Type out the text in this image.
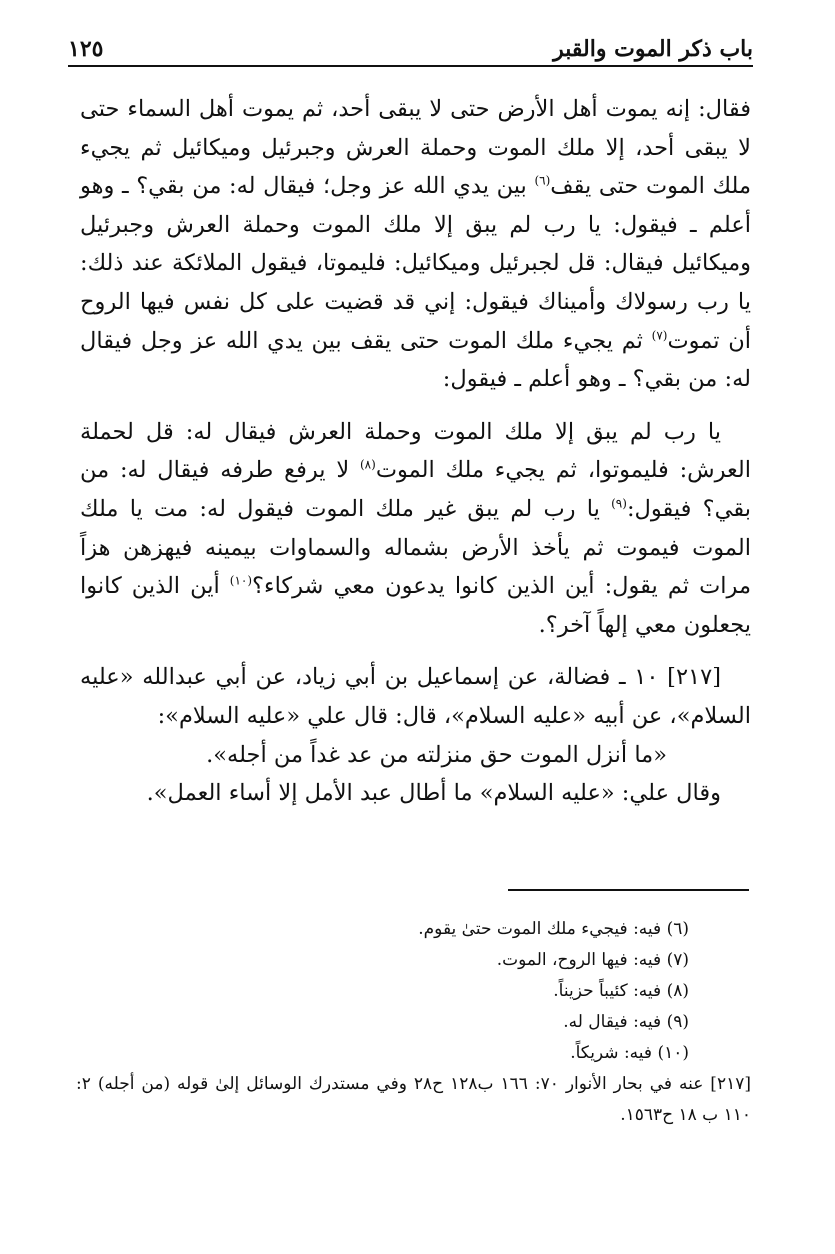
باب ذكر الموت والقبر
١٢٥

فقال: إنه يموت أهل الأرض حتى لا يبقى أحد، ثم يموت أهل السماء حتى لا يبقى أحد، إلا ملك الموت وحملة العرش وجبرئيل وميكائيل ثم يجيء ملك الموت حتى يقف$^{(٦)}$ بين يدي الله عز وجل؛ فيقال له: من بقي؟ ـ وهو أعلم ـ فيقول: يا رب لم يبق إلا ملك الموت وحملة العرش وجبرئيل وميكائيل فيقال: قل لجبرئيل وميكائيل: فليموتا، فيقول الملائكة عند ذلك: يا رب رسولاك وأميناك فيقول: إني قد قضيت على كل نفس فيها الروح أن تموت$^{(٧)}$ ثم يجيء ملك الموت حتى يقف بين يدي الله عز وجل فيقال له: من بقي؟ ـ وهو أعلم ـ فيقول:

يا رب لم يبق إلا ملك الموت وحملة العرش فيقال له: قل لحملة العرش: فليموتوا، ثم يجيء ملك الموت$^{(٨)}$ لا يرفع طرفه فيقال له: من بقي؟ فيقول:$^{(٩)}$ يا رب لم يبق غير ملك الموت فيقول له: مت يا ملك الموت فيموت ثم يأخذ الأرض بشماله والسماوات بيمينه فيهزهن هزاً مرات ثم يقول: أين الذين كانوا يدعون معي شركاء؟$^{(١٠)}$ أين الذين كانوا يجعلون معي إلهاً آخر؟.

[٢١٧] ١٠ ـ فضالة، عن إسماعيل بن أبي زياد، عن أبي عبدالله «عليه السلام»، عن أبيه «عليه السلام»، قال: قال علي «عليه السلام»:

«ما أنزل الموت حق منزلته من عد غداً من أجله».

وقال علي: «عليه السلام» ما أطال عبد الأمل إلا أساء العمل».

(٦) فيه: فيجيء ملك الموت حتىٰ يقوم.

(٧) فيه: فيها الروح، الموت.

(٨) فيه: كئيباً حزيناً.

(٩) فيه: فيقال له.

(١٠) فيه: شريكاً.

[٢١٧] عنه في بحار الأنوار ٧٠: ١٦٦ ب١٢٨ ح٢٨ وفي مستدرك الوسائل إلىٰ قوله (من أجله) ٢: ١١٠ ب ١٨ ح١٥٦٣.
